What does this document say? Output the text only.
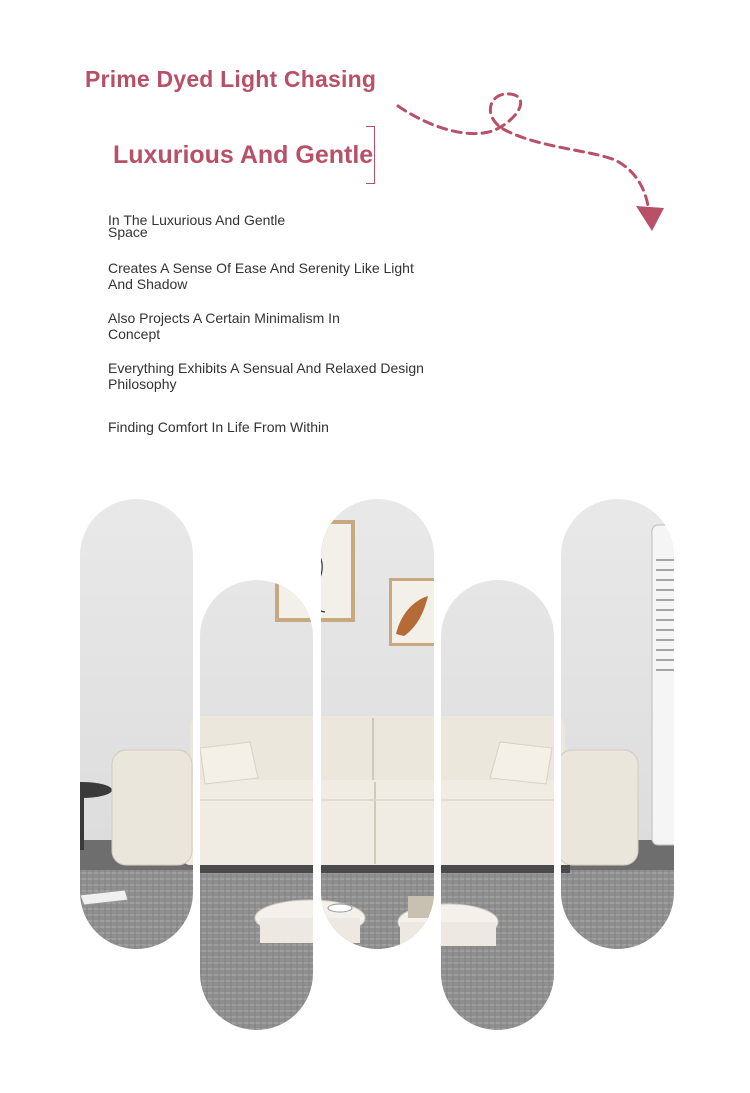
Prime Dyed Light Chasing
Luxurious And Gentle
In The Luxurious And Gentle Space
Creates A Sense Of Ease And Serenity Like Light And Shadow
Also Projects A Certain Minimalism In Concept
Everything Exhibits A Sensual And Relaxed Design Philosophy
Finding Comfort In Life From Within
